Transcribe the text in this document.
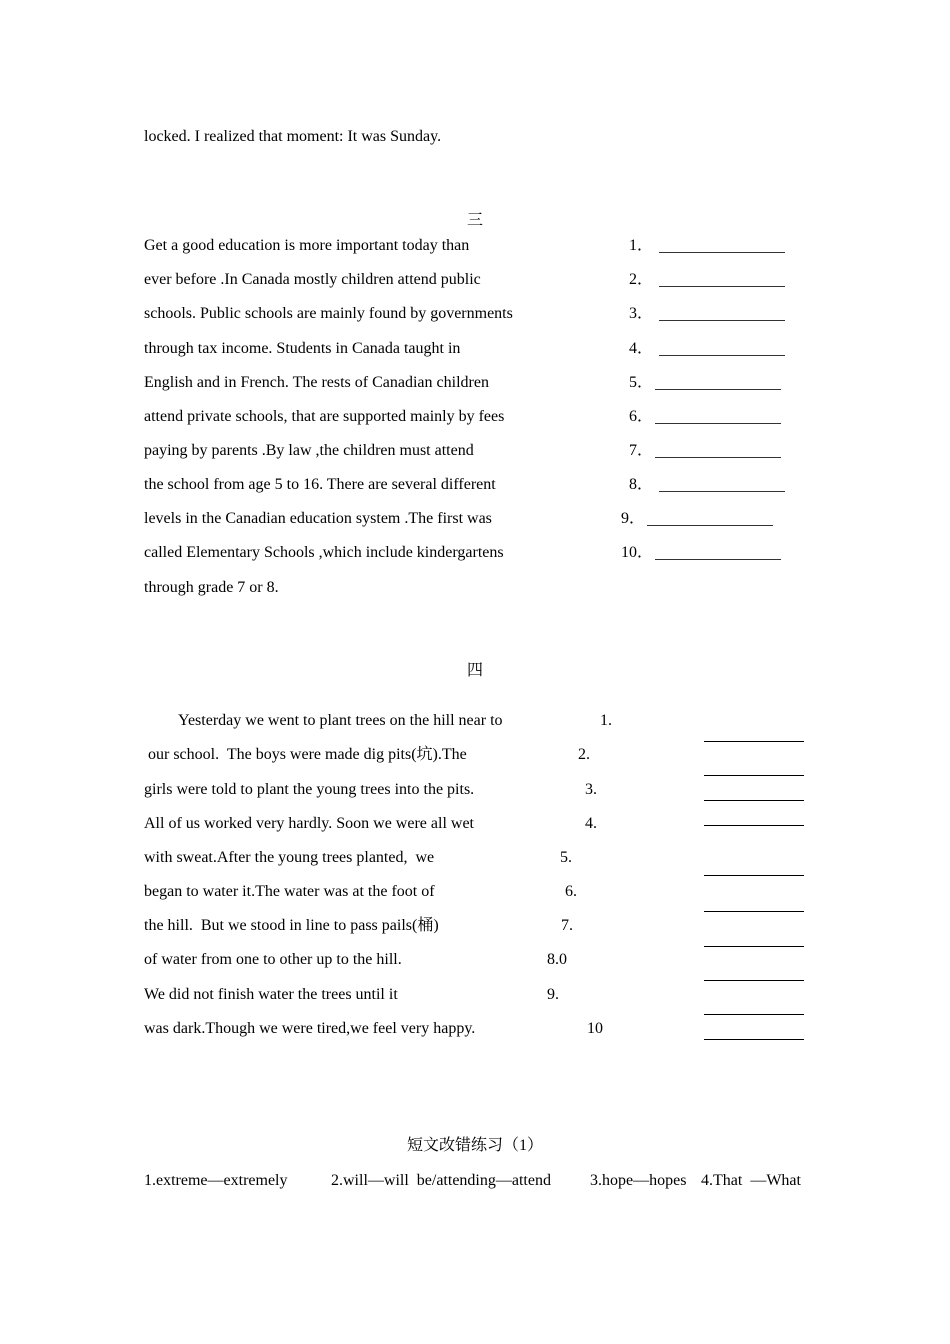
locked. I realized that moment: It was Sunday.
三
Get a good education is more important today than
ever before .In Canada mostly children attend public
schools. Public schools are mainly found by governments
through tax income. Students in Canada taught in
English and in French. The rests of Canadian children
attend private schools, that are supported mainly by fees
paying by parents .By law ,the children must attend
the school from age 5 to 16. There are several different
levels in the Canadian education system .The first was
called Elementary Schools ,which include kindergartens
through grade 7 or 8.
1．
2．
3．
4．
5．
6．
7．
8．
9．
10．
四
Yesterday we went to plant trees on the hill near to
our school.  The boys were made dig pits(坑).The
girls were told to plant the young trees into the pits.
All of us worked very hardly. Soon we were all wet
with sweat.After the young trees planted,  we
began to water it.The water was at the foot of
the hill.  But we stood in line to pass pails(桶)
of water from one to other up to the hill.
We did not finish water the trees until it
was dark.Though we were tired,we feel very happy.
1.
2.
3.
4.
5.
6.
7.
8.0
9.
10
短文改错练习（1）
1.extreme—extremely	2.will—will  be/attending—attend 3.hope—hopes 4.That  —What
